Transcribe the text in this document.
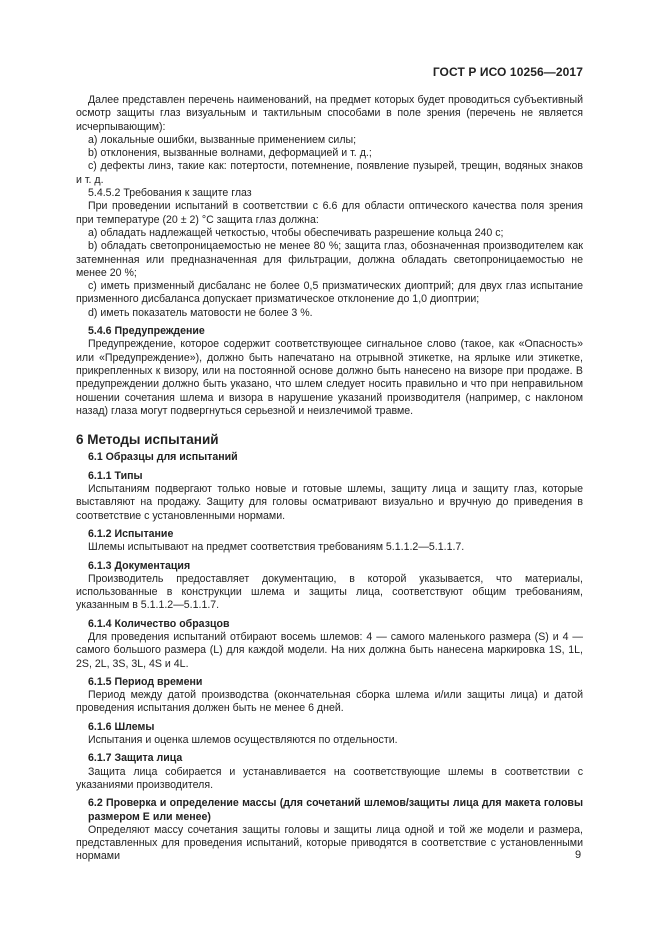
ГОСТ Р ИСО 10256—2017

Далее представлен перечень наименований, на предмет которых будет проводиться субъективный осмотр защиты глаз визуальным и тактильным способами в поле зрения (перечень не является исчерпывающим):

a) локальные ошибки, вызванные применением силы;

b) отклонения, вызванные волнами, деформацией и т. д.;

c) дефекты линз, такие как: потертости, потемнение, появление пузырей, трещин, водяных знаков и т. д.

5.4.5.2 Требования к защите глаз

При проведении испытаний в соответствии с 6.6 для области оптического качества поля зрения при температуре (20 ± 2) °C защита глаз должна:

a) обладать надлежащей четкостью, чтобы обеспечивать разрешение кольца 240 с;

b) обладать светопроницаемостью не менее 80 %; защита глаз, обозначенная производителем как затемненная или предназначенная для фильтрации, должна обладать светопроницаемостью не менее 20 %;

c) иметь призменный дисбаланс не более 0,5 призматических диоптрий; для двух глаз испытание призменного дисбаланса допускает призматическое отклонение до 1,0 диоптрии;

d) иметь показатель матовости не более 3 %.

5.4.6 Предупреждение

Предупреждение, которое содержит соответствующее сигнальное слово (такое, как «Опасность» или «Предупреждение»), должно быть напечатано на отрывной этикетке, на ярлыке или этикетке, прикрепленных к визору, или на постоянной основе должно быть нанесено на визоре при продаже. В предупреждении должно быть указано, что шлем следует носить правильно и что при неправильном ношении сочетания шлема и визора в нарушение указаний производителя (например, с наклоном назад) глаза могут подвергнуться серьезной и неизлечимой травме.

6 Методы испытаний

6.1 Образцы для испытаний

6.1.1 Типы

Испытаниям подвергают только новые и готовые шлемы, защиту лица и защиту глаз, которые выставляют на продажу. Защиту для головы осматривают визуально и вручную до приведения в соответствие с установленными нормами.

6.1.2 Испытание

Шлемы испытывают на предмет соответствия требованиям 5.1.1.2—5.1.1.7.

6.1.3 Документация

Производитель предоставляет документацию, в которой указывается, что материалы, использованные в конструкции шлема и защиты лица, соответствуют общим требованиям, указанным в 5.1.1.2—5.1.1.7.

6.1.4 Количество образцов

Для проведения испытаний отбирают восемь шлемов: 4 — самого маленького размера (S) и 4 — самого большого размера (L) для каждой модели. На них должна быть нанесена маркировка 1S, 1L, 2S, 2L, 3S, 3L, 4S и 4L.

6.1.5 Период времени

Период между датой производства (окончательная сборка шлема и/или защиты лица) и датой проведения испытания должен быть не менее 6 дней.

6.1.6 Шлемы

Испытания и оценка шлемов осуществляются по отдельности.

6.1.7 Защита лица

Защита лица собирается и устанавливается на соответствующие шлемы в соответствии с указаниями производителя.

6.2 Проверка и определение массы (для сочетаний шлемов/защиты лица для макета головы размером E или менее)

Определяют массу сочетания защиты головы и защиты лица одной и той же модели и размера, представленных для проведения испытаний, которые приводятся в соответствие с установленными нормами	9
